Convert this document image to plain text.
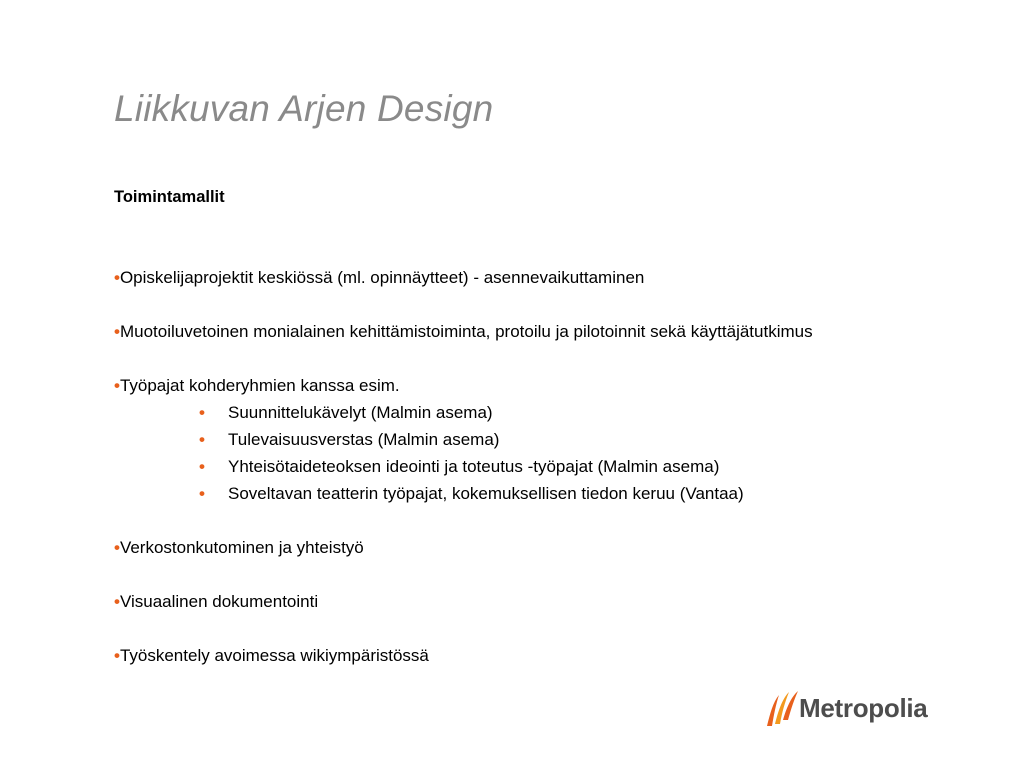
Liikkuvan Arjen Design
Toimintamallit

•Opiskelijaprojektit keskiössä (ml. opinnäytteet) - asennevaikuttaminen

•Muotoiluvetoinen monialainen kehittämistoiminta, protoilu ja pilotoinnit sekä käyttäjätutkimus

•Työpajat kohderyhmien kanssa esim.
• Suunnittelukävelyt (Malmin asema)
• Tulevaisuusverstas (Malmin asema)
• Yhteisötaideteoksen ideointi ja toteutus -työpajat (Malmin asema)
• Soveltavan teatterin työpajat, kokemuksellisen tiedon keruu (Vantaa)

•Verkostonkutominen ja yhteistyö

•Visuaalinen dokumentointi

•Työskentely avoimessa wikiympäristössä

Metropolia
